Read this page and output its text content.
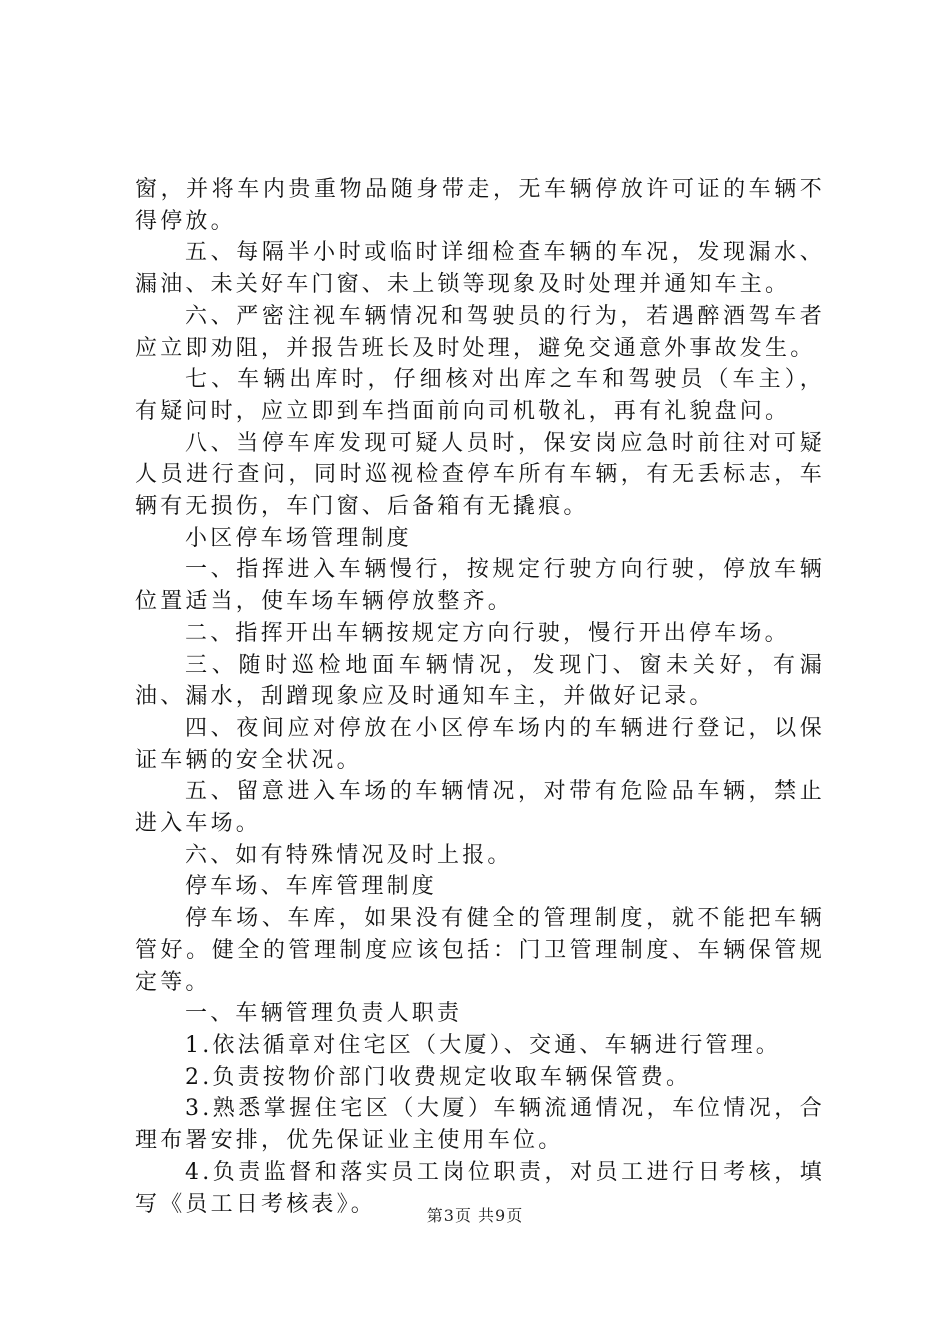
窗，并将车内贵重物品随身带走，无车辆停放许可证的车辆不得停放。

五、每隔半小时或临时详细检查车辆的车况，发现漏水、漏油、未关好车门窗、未上锁等现象及时处理并通知车主。

六、严密注视车辆情况和驾驶员的行为，若遇醉酒驾车者应立即劝阻，并报告班长及时处理，避免交通意外事故发生。

七、车辆出库时，仔细核对出库之车和驾驶员（车主），有疑问时，应立即到车挡面前向司机敬礼，再有礼貌盘问。

八、当停车库发现可疑人员时，保安岗应急时前往对可疑人员进行查问，同时巡视检查停车所有车辆，有无丢标志，车辆有无损伤，车门窗、后备箱有无撬痕。

小区停车场管理制度

一、指挥进入车辆慢行，按规定行驶方向行驶，停放车辆位置适当，使车场车辆停放整齐。

二、指挥开出车辆按规定方向行驶，慢行开出停车场。

三、随时巡检地面车辆情况，发现门、窗未关好，有漏油、漏水，刮蹭现象应及时通知车主，并做好记录。

四、夜间应对停放在小区停车场内的车辆进行登记，以保证车辆的安全状况。

五、留意进入车场的车辆情况，对带有危险品车辆，禁止进入车场。

六、如有特殊情况及时上报。

停车场、车库管理制度

停车场、车库，如果没有健全的管理制度，就不能把车辆管好。健全的管理制度应该包括：门卫管理制度、车辆保管规定等。

一、车辆管理负责人职责

1.依法循章对住宅区（大厦）、交通、车辆进行管理。

2.负责按物价部门收费规定收取车辆保管费。

3.熟悉掌握住宅区（大厦）车辆流通情况，车位情况，合理布署安排，优先保证业主使用车位。

4.负责监督和落实员工岗位职责，对员工进行日考核，填写《员工日考核表》。	第3页 共9页
